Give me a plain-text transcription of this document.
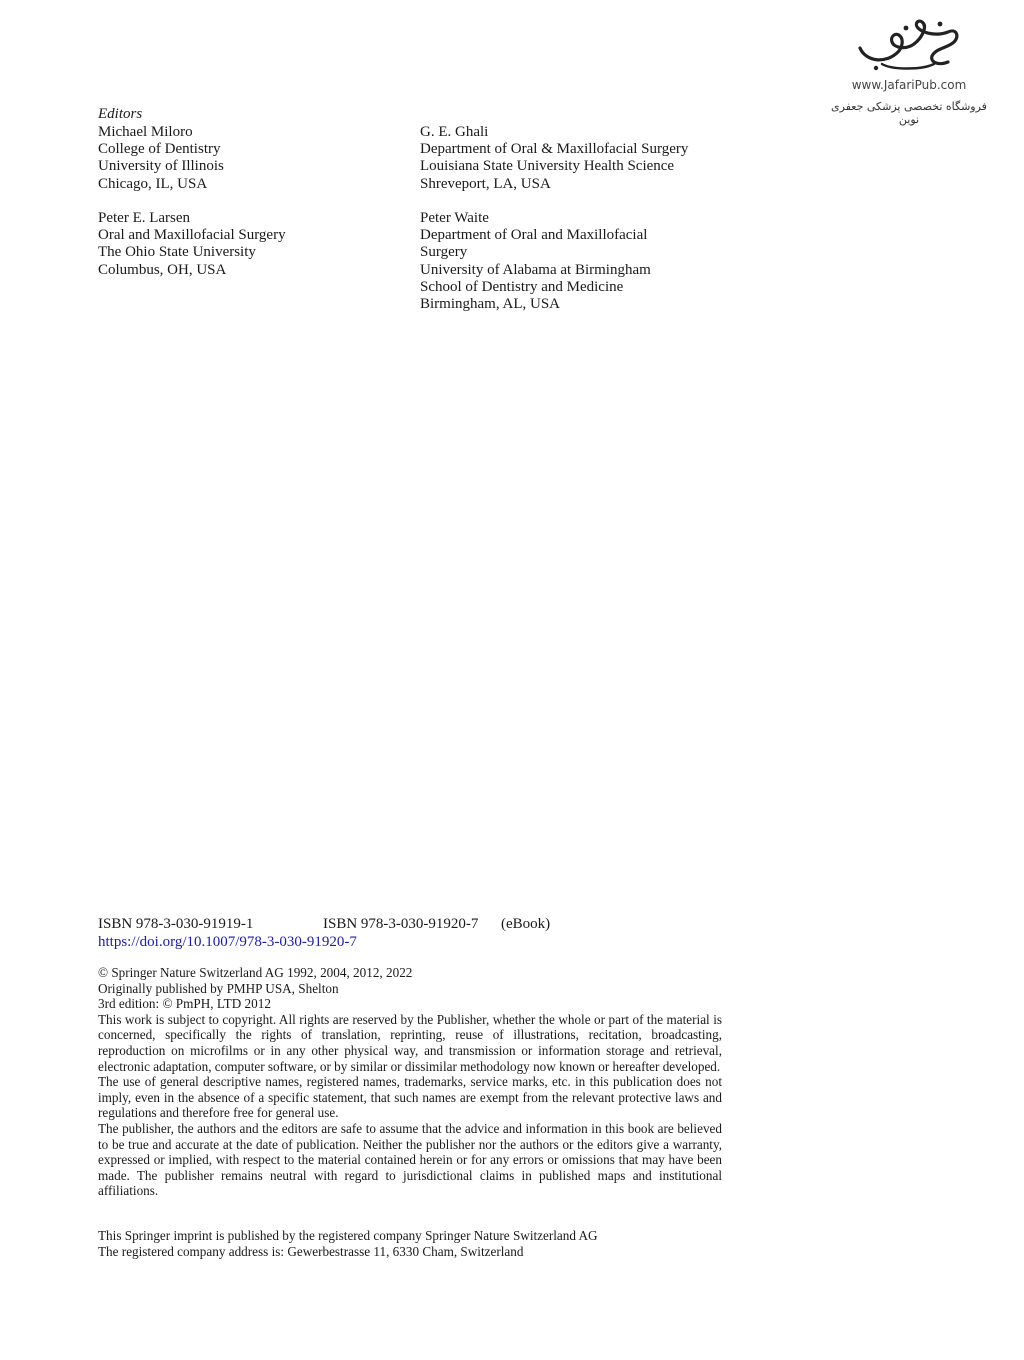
www.JafariPub.com
فروشگاه تخصصی پزشکی جعفری نوین
Editors
Michael Miloro
College of Dentistry
University of Illinois
Chicago, IL, USA
G. E. Ghali
Department of Oral & Maxillofacial Surgery
Louisiana State University Health Science
Shreveport, LA, USA
Peter E. Larsen
Oral and Maxillofacial Surgery
The Ohio State University
Columbus, OH, USA
Peter Waite
Department of Oral and Maxillofacial
Surgery
University of Alabama at Birmingham
School of Dentistry and Medicine
Birmingham, AL, USA
ISBN 978-3-030-91919-1	ISBN 978-3-030-91920-7 (eBook)
https://doi.org/10.1007/978-3-030-91920-7
© Springer Nature Switzerland AG 1992, 2004, 2012, 2022
Originally published by PMHP USA, Shelton
3rd edition: © PmPH, LTD 2012
This work is subject to copyright. All rights are reserved by the Publisher, whether the whole or part of the material is concerned, specifically the rights of translation, reprinting, reuse of illustrations, recitation, broadcasting, reproduction on microfilms or in any other physical way, and transmission or information storage and retrieval, electronic adaptation, computer software, or by similar or dissimilar methodology now known or hereafter developed.
The use of general descriptive names, registered names, trademarks, service marks, etc. in this publication does not imply, even in the absence of a specific statement, that such names are exempt from the relevant protective laws and regulations and therefore free for general use.
The publisher, the authors and the editors are safe to assume that the advice and information in this book are believed to be true and accurate at the date of publication. Neither the publisher nor the authors or the editors give a warranty, expressed or implied, with respect to the material contained herein or for any errors or omissions that may have been made. The publisher remains neutral with regard to jurisdictional claims in published maps and institutional affiliations.
This Springer imprint is published by the registered company Springer Nature Switzerland AG
The registered company address is: Gewerbestrasse 11, 6330 Cham, Switzerland
